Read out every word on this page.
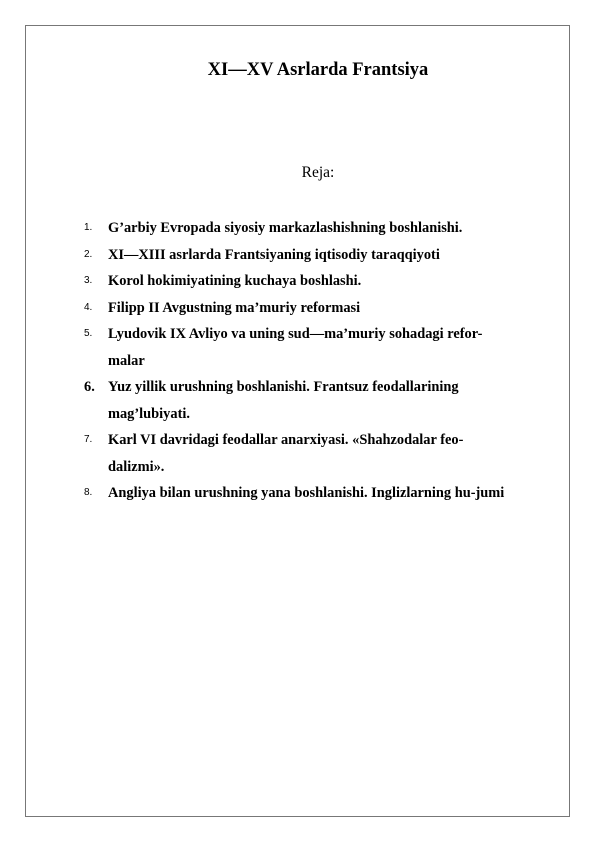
XI—XV Asrlarda Frantsiya
Reja:
1. G’arbiy Evropada siyosiy markazlashishning boshlanishi.
2. XI—XIII asrlarda Frantsiyaning iqtisodiy taraqqiyoti
3. Korol hokimiyatining kuchaya boshlashi.
4. Filipp II Avgustning ma’muriy reformasi
5. Lyudovik IX Avliyo va uning sud—ma’muriy sohadagi refor-
malar
6. Yuz yillik urushning boshlanishi. Frantsuz feodallarining
mag’lubiyati.
7. Karl VI davridagi feodallar anarxiyasi. «Shahzodalar feo-
dalizmi».
8. Angliya bilan urushning yana boshlanishi. Inglizlarning hu-jumi
